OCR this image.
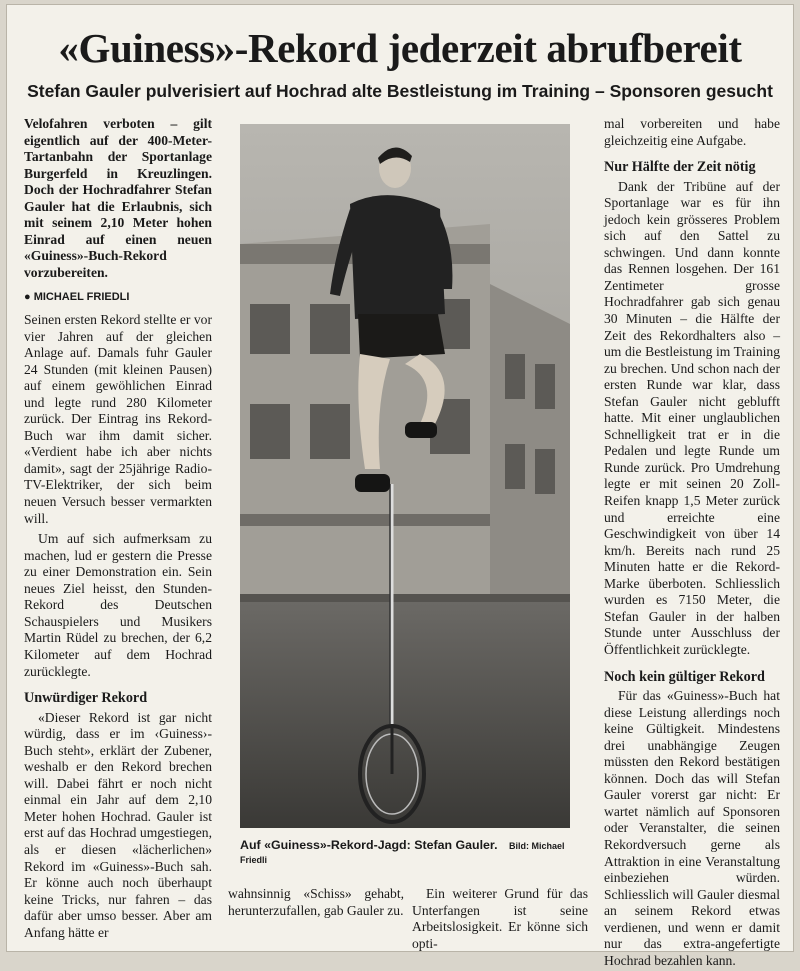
«Guiness»-Rekord jederzeit abrufbereit
Stefan Gauler pulverisiert auf Hochrad alte Bestleistung im Training – Sponsoren gesucht

Velofahren verboten – gilt eigentlich auf der 400-Meter-Tartanbahn der Sportanlage Burgerfeld in Kreuzlingen. Doch der Hochradfahrer Stefan Gauler hat die Erlaubnis, sich mit seinem 2,10 Meter hohen Einrad auf einen neuen «Guiness»-Buch-Rekord vorzubereiten.

● MICHAEL FRIEDLI

Seinen ersten Rekord stellte er vor vier Jahren auf der gleichen Anlage auf. Damals fuhr Gauler 24 Stunden (mit kleinen Pausen) auf einem gewöhlichen Einrad und legte rund 280 Kilometer zurück. Der Eintrag ins Rekord-Buch war ihm damit sicher. «Verdient habe ich aber nichts damit», sagt der 25jährige Radio-TV-Elektriker, der sich beim neuen Versuch besser vermarkten will.

Um auf sich aufmerksam zu machen, lud er gestern die Presse zu einer Demonstration ein. Sein neues Ziel heisst, den Stunden-Rekord des Deutschen Schauspielers und Musikers Martin Rüdel zu brechen, der 6,2 Kilometer auf dem Hochrad zurücklegte.

Unwürdiger Rekord

«Dieser Rekord ist gar nicht würdig, dass er im ‹Guiness›-Buch steht», erklärt der Zubener, weshalb er den Rekord brechen will. Dabei fährt er noch nicht einmal ein Jahr auf dem 2,10 Meter hohen Hochrad. Gauler ist erst auf das Hochrad umgestiegen, als er diesen «lächerlichen» Rekord im «Guiness»-Buch sah. Er könne auch noch überhaupt keine Tricks, nur fahren – das dafür aber umso besser. Aber am Anfang hätte er

Auf «Guiness»-Rekord-Jagd: Stefan Gauler. Bild: Michael Friedli

wahnsinnig «Schiss» gehabt, herunterzufallen, gab Gauler zu.

Ein weiterer Grund für das Unterfangen ist seine Arbeitslosigkeit. Er könne sich opti-

mal vorbereiten und habe gleichzeitig eine Aufgabe.

Nur Hälfte der Zeit nötig

Dank der Tribüne auf der Sportanlage war es für ihn jedoch kein grösseres Problem sich auf den Sattel zu schwingen. Und dann konnte das Rennen losgehen. Der 161 Zentimeter grosse Hochradfahrer gab sich genau 30 Minuten – die Hälfte der Zeit des Rekordhalters also – um die Bestleistung im Training zu brechen. Und schon nach der ersten Runde war klar, dass Stefan Gauler nicht geblufft hatte. Mit einer unglaublichen Schnelligkeit trat er in die Pedalen und legte Runde um Runde zurück. Pro Umdrehung legte er mit seinen 20 Zoll-Reifen knapp 1,5 Meter zurück und erreichte eine Geschwindigkeit von über 14 km/h. Bereits nach rund 25 Minuten hatte er die Rekord-Marke überboten. Schliesslich wurden es 7150 Meter, die Stefan Gauler in der halben Stunde unter Ausschluss der Öffentlichkeit zurücklegte.

Noch kein gültiger Rekord

Für das «Guiness»-Buch hat diese Leistung allerdings noch keine Gültigkeit. Mindestens drei unabhängige Zeugen müssten den Rekord bestätigen können. Doch das will Stefan Gauler vorerst gar nicht: Er wartet nämlich auf Sponsoren oder Veranstalter, die seinen Rekordversuch gerne als Attraktion in eine Veranstaltung einbeziehen würden. Schliesslich will Gauler diesmal an seinem Rekord etwas verdienen, und wenn er damit nur das extra-angefertigte Hochrad bezahlen kann.
